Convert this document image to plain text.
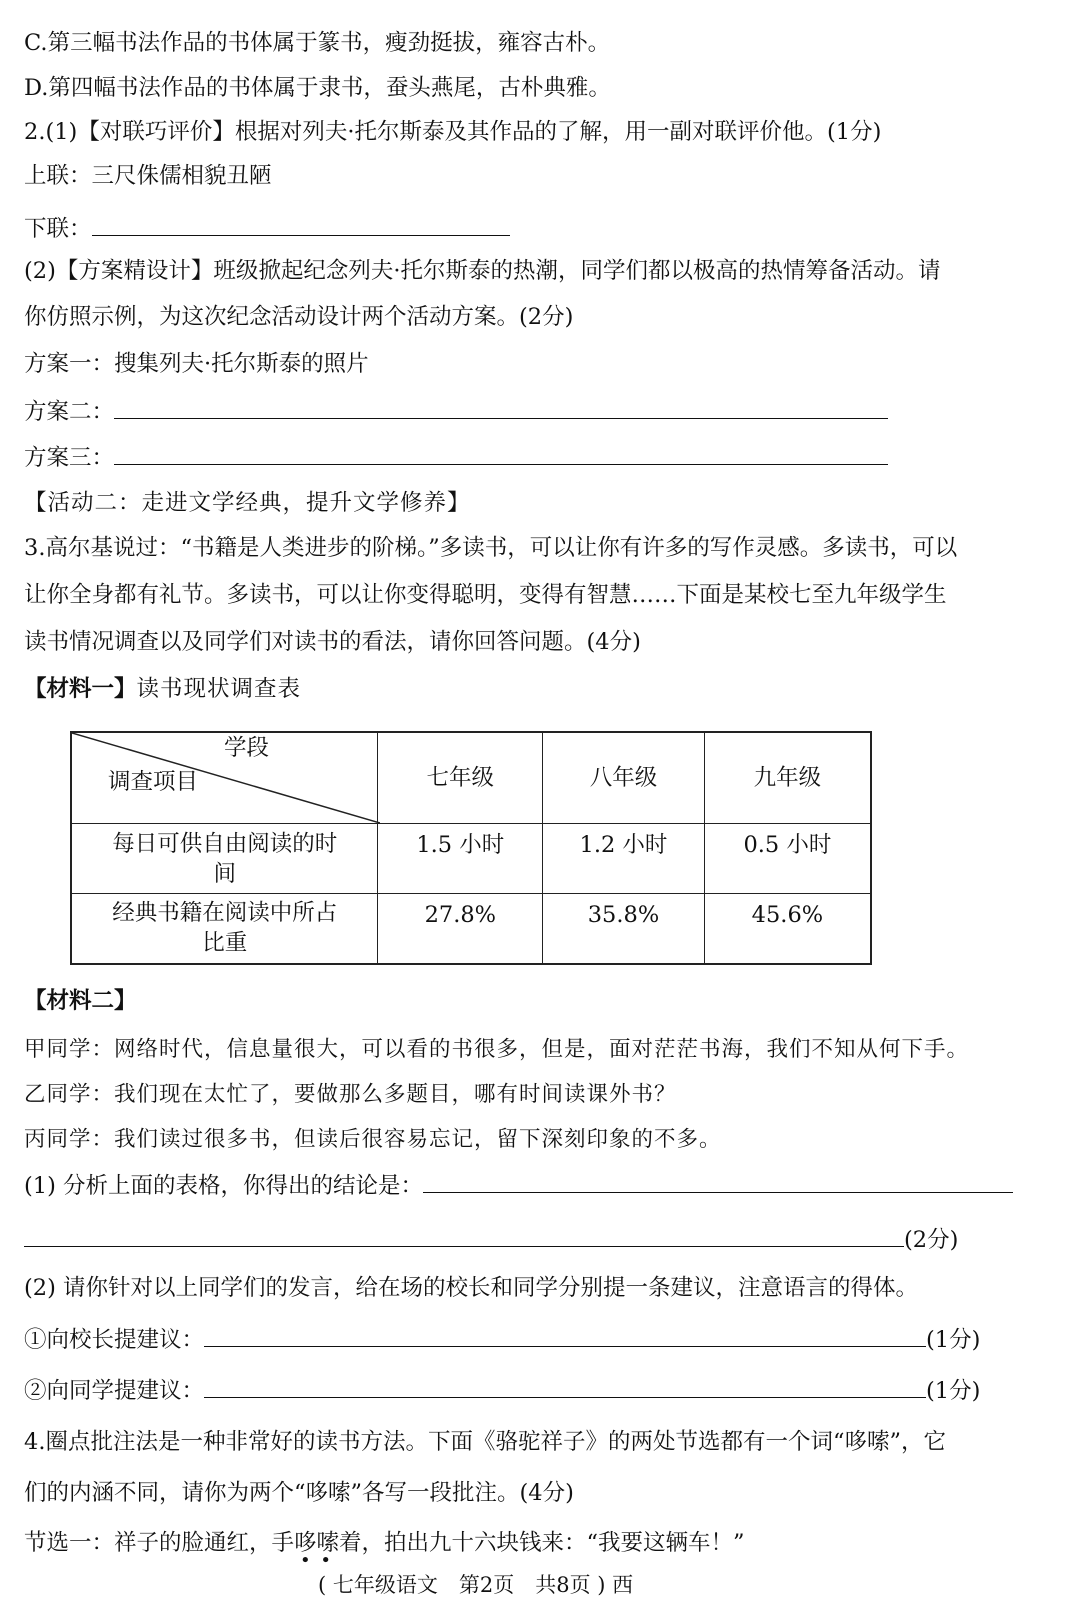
C.第三幅书法作品的书体属于篆书，瘦劲挺拔，雍容古朴。
D.第四幅书法作品的书体属于隶书，蚕头燕尾，古朴典雅。
2.(1)【对联巧评价】根据对列夫·托尔斯泰及其作品的了解，用一副对联评价他。(1分)
上联：三尺侏儒相貌丑陋
下联：
(2)【方案精设计】班级掀起纪念列夫·托尔斯泰的热潮，同学们都以极高的热情筹备活动。请
你仿照示例，为这次纪念活动设计两个活动方案。(2分)
方案一：搜集列夫·托尔斯泰的照片
方案二：
方案三：
【活动二：走进文学经典，提升文学修养】
3.高尔基说过：“书籍是人类进步的阶梯。”多读书，可以让你有许多的写作灵感。多读书，可以
让你全身都有礼节。多读书，可以让你变得聪明，变得有智慧……下面是某校七至九年级学生
读书情况调查以及同学们对读书的看法，请你回答问题。(4分)
【材料一】读书现状调查表
学段
调查项目	七年级	八年级	九年级
每日可供自由阅读的时
间	1.5 小时	1.2 小时	0.5 小时
经典书籍在阅读中所占
比重	27.8%	35.8%	45.6%
【材料二】
甲同学：网络时代，信息量很大，可以看的书很多，但是，面对茫茫书海，我们不知从何下手。
乙同学：我们现在太忙了，要做那么多题目，哪有时间读课外书？
丙同学：我们读过很多书，但读后很容易忘记，留下深刻印象的不多。
(1) 分析上面的表格，你得出的结论是：
(2分)
(2) 请你针对以上同学们的发言，给在场的校长和同学分别提一条建议，注意语言的得体。
①向校长提建议：	(1分)
②向同学提建议：	(1分)
4.圈点批注法是一种非常好的读书方法。下面《骆驼祥子》的两处节选都有一个词“哆嗦”，它
们的内涵不同，请你为两个“哆嗦”各写一段批注。(4分)
节选一：祥子的脸通红，手哆嗦着，拍出九十六块钱来：“我要这辆车！”
• •
( 七年级语文　第2页　共8页 ) 西
